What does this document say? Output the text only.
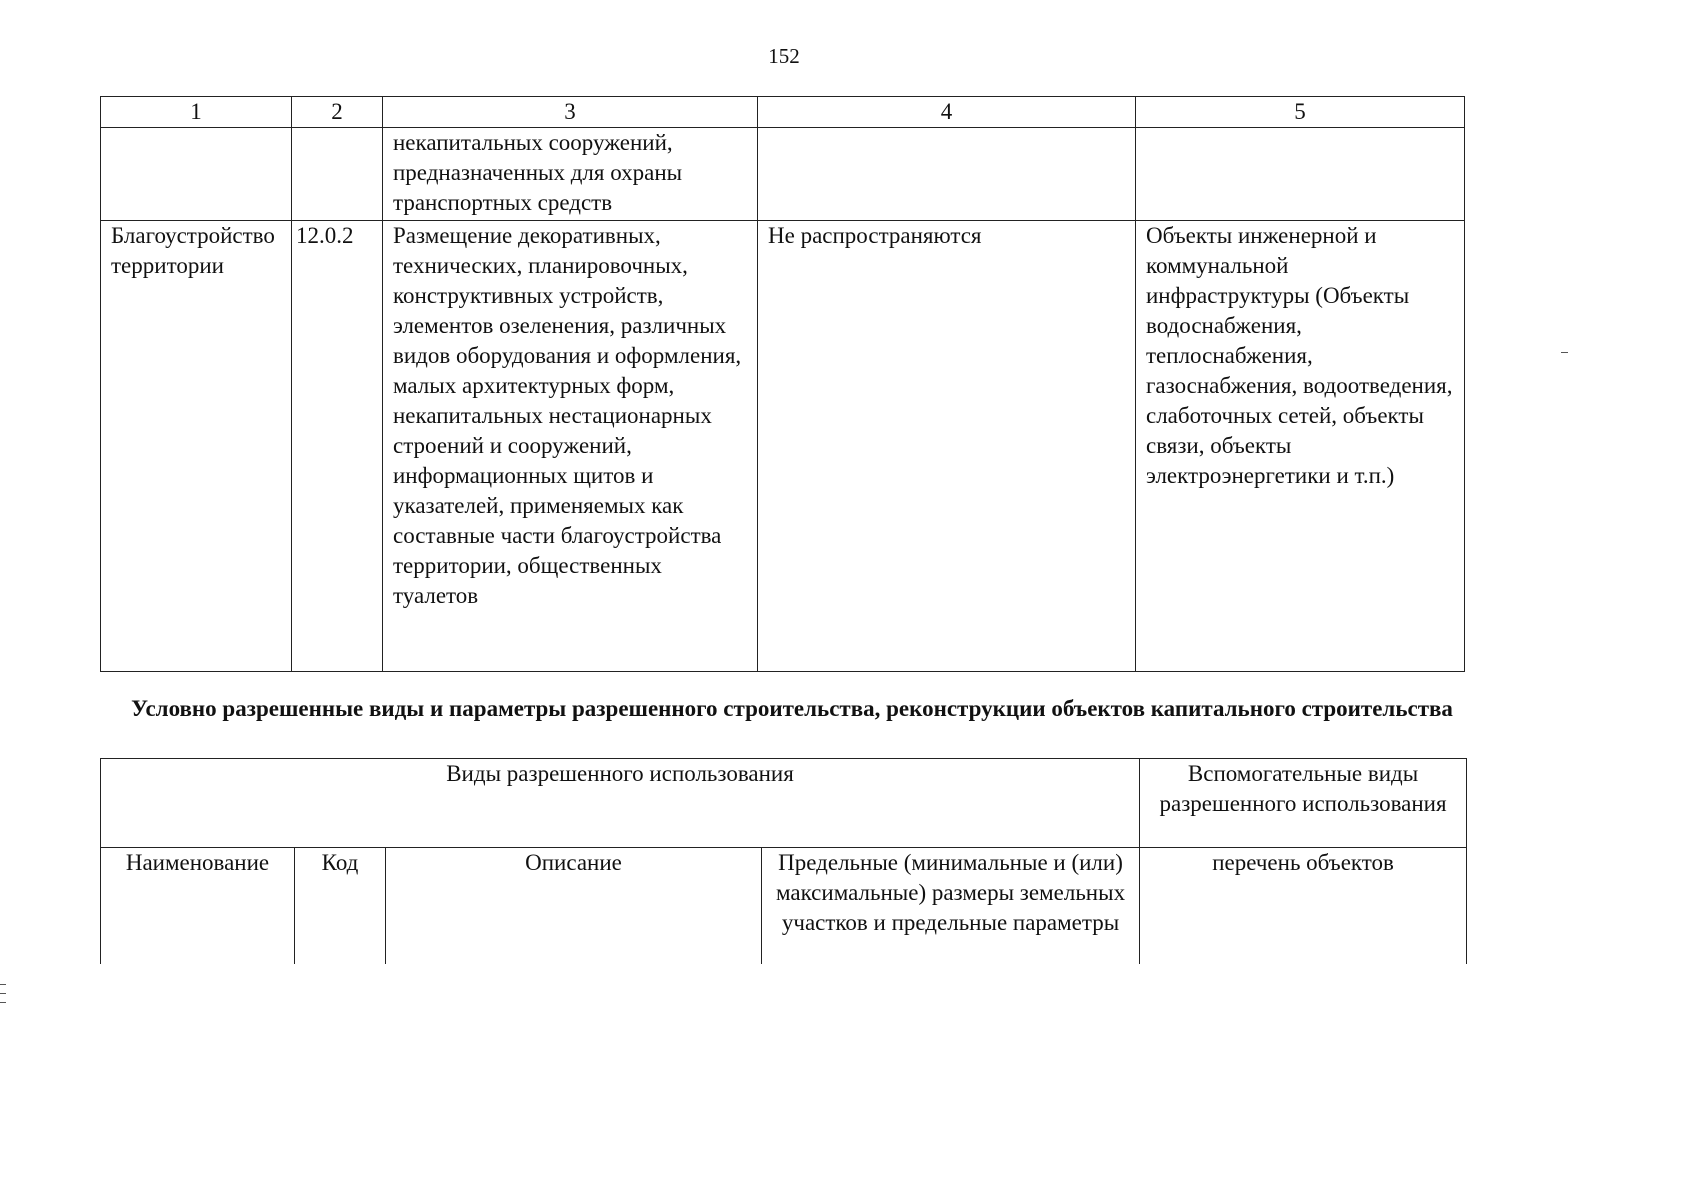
152
1	2	3	4	5

		некапитальных сооружений, предназначенных для охраны транспортных средств		

Благоустройство территории	12.0.2	Размещение декоративных, технических, планировочных, конструктивных устройств, элементов озеленения, различных видов оборудования и оформления, малых архитектурных форм, некапитальных нестационарных строений и сооружений, информационных щитов и указателей, применяемых как составные части благоустройства территории, общественных туалетов	Не распространяются	Объекты инженерной и коммунальной инфраструктуры (Объекты водоснабжения, теплоснабжения, газоснабжения, водоотведения, слаботочных сетей, объекты связи, объекты электроэнергетики и т.п.)
Условно разрешенные виды и параметры разрешенного строительства, реконструкции объектов капитального строительства
Виды разрешенного использования				Вспомогательные виды разрешенного использования
Наименование	Код	Описание	Предельные (минимальные и (или) максимальные) размеры земельных участков и предельные параметры	перечень объектов
